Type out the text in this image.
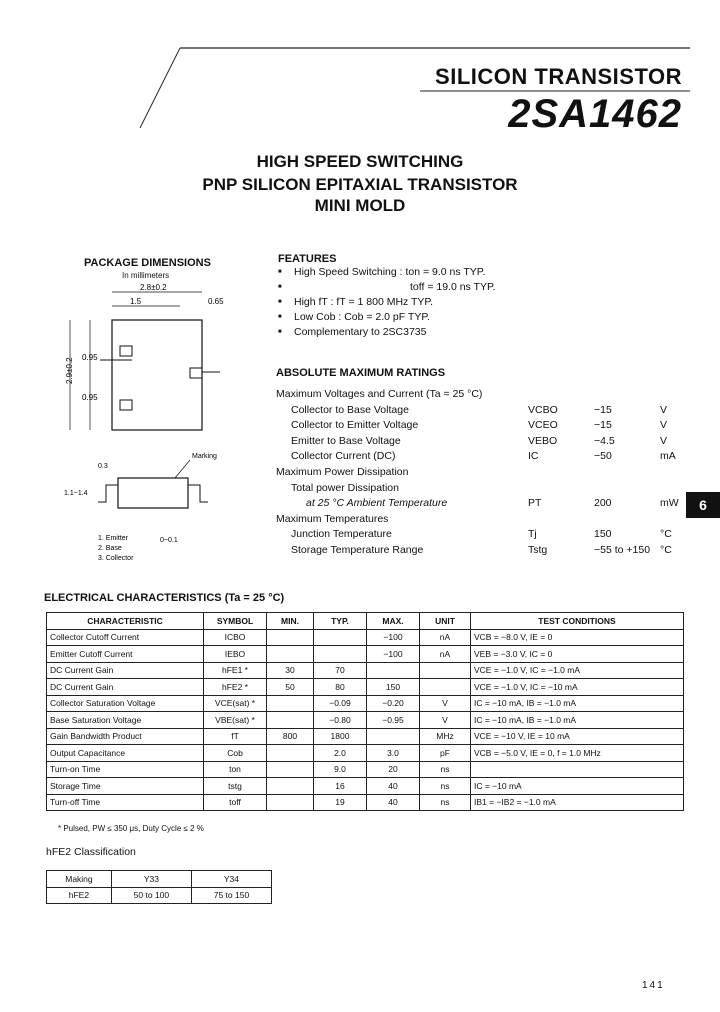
SILICON TRANSISTOR
2SA1462
HIGH SPEED SWITCHING
PNP SILICON EPITAXIAL TRANSISTOR
MINI MOLD
PACKAGE DIMENSIONS
In millimeters
2.8±0.2
1.5	0.65
2.9±0.2 0.95
0.95
Marking
0.3
1.1~1.4
0~0.1
1. Emitter
2. Base
3. Collector
FEATURES
■ High Speed Switching : ton = 9.0 ns TYP.
■ toff = 19.0 ns TYP.
■ High fT : fT = 1 800 MHz TYP.
■ Low Cob : Cob = 2.0 pF TYP.
■ Complementary to 2SC3735
ABSOLUTE MAXIMUM RATINGS
Maximum Voltages and Current (Ta = 25 °C)
Collector to Base Voltage	VCBO	−15	V
Collector to Emitter Voltage	VCEO	−15	V
Emitter to Base Voltage	VEBO	−4.5	V
Collector Current (DC)	IC	−50	mA
Maximum Power Dissipation
Total power Dissipation
at 25 °C Ambient Temperature	PT	200	mW
Maximum Temperatures
Junction Temperature	Tj	150	°C
Storage Temperature Range	Tstg	−55 to +150 °C
6
ELECTRICAL CHARACTERISTICS (Ta = 25 °C)
CHARACTERISTIC	SYMBOL	MIN.	TYP.	MAX.	UNIT	TEST CONDITIONS
Collector Cutoff Current	ICBO			−100	nA	VCB = −8.0 V, IE = 0
Emitter Cutoff Current	IEBO			−100	nA	VEB = −3.0 V, IC = 0
DC Current Gain	hFE1 *	30	70			VCE = −1.0 V, IC = −1.0 mA
DC Current Gain	hFE2 *	50	80	150		VCE = −1.0 V, IC = −10 mA
Collector Saturation Voltage	VCE(sat) *		−0.09	−0.20	V	IC = −10 mA, IB = −1.0 mA
Base Saturation Voltage	VBE(sat) *		−0.80	−0.95	V	IC = −10 mA, IB = −1.0 mA
Gain Bandwidth Product	fT	800	1800		MHz	VCE = −10 V, IE = 10 mA
Output Capacitance	Cob		2.0	3.0	pF	VCB = −5.0 V, IE = 0, f = 1.0 MHz
Turn-on Time	ton		9.0	20	ns	
Storage Time	tstg		16	40	ns	IC = −10 mA
Turn-off Time	toff		19	40	ns	IB1 = −IB2 = −1.0 mA
* Pulsed, PW ≤ 350 μs, Duty Cycle ≤ 2 %
hFE2 Classification
Making	Y33	Y34
hFE2	50 to 100	75 to 150
141
